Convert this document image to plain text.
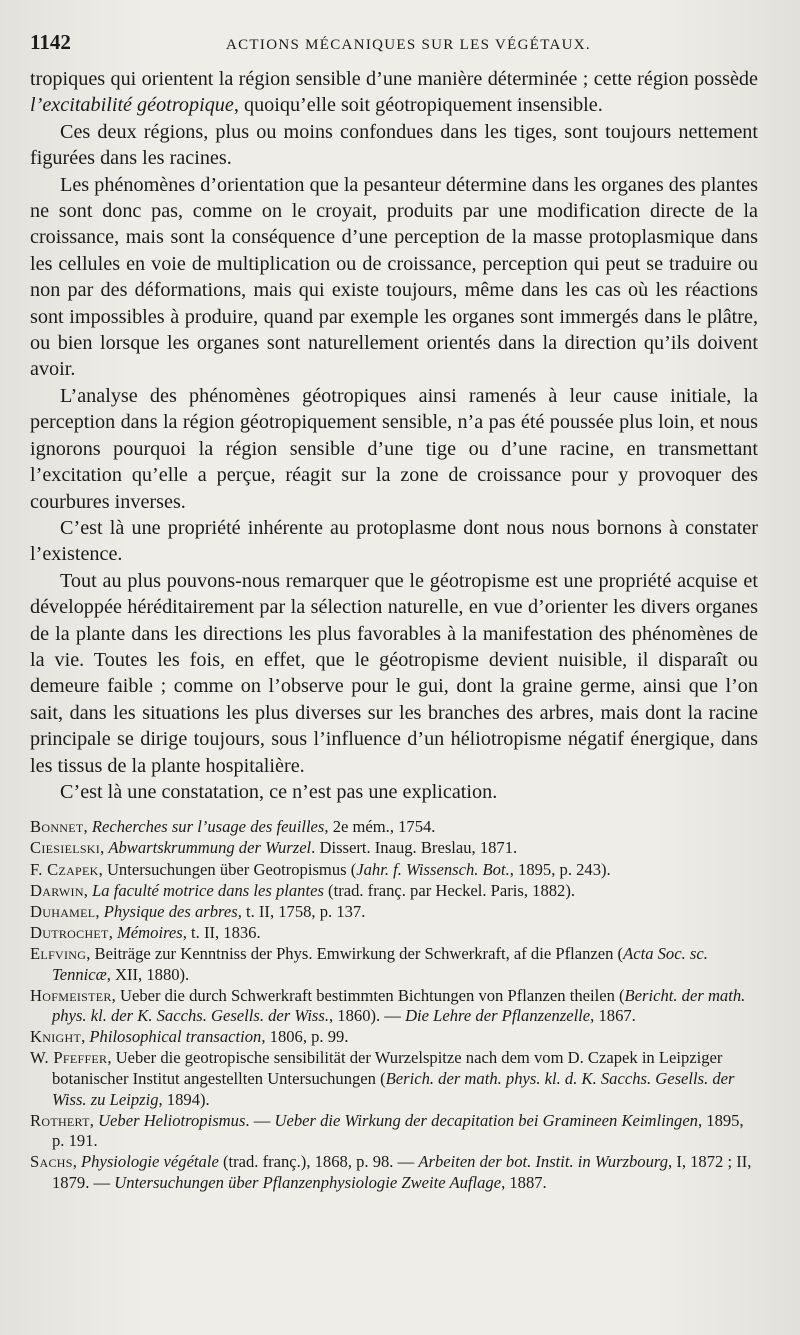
1142	ACTIONS MÉCANIQUES SUR LES VÉGÉTAUX.

tropiques qui orientent la région sensible d’une manière déterminée ; cette région possède l’excitabilité géotropique, quoiqu’elle soit géotropiquement insensible.

Ces deux régions, plus ou moins confondues dans les tiges, sont toujours nettement figurées dans les racines.

Les phénomènes d’orientation que la pesanteur détermine dans les organes des plantes ne sont donc pas, comme on le croyait, produits par une modification directe de la croissance, mais sont la conséquence d’une perception de la masse protoplasmique dans les cellules en voie de multiplication ou de croissance, perception qui peut se traduire ou non par des déformations, mais qui existe toujours, même dans les cas où les réactions sont impossibles à produire, quand par exemple les organes sont immergés dans le plâtre, ou bien lorsque les organes sont naturellement orientés dans la direction qu’ils doivent avoir.

L’analyse des phénomènes géotropiques ainsi ramenés à leur cause initiale, la perception dans la région géotropiquement sensible, n’a pas été poussée plus loin, et nous ignorons pourquoi la région sensible d’une tige ou d’une racine, en transmettant l’excitation qu’elle a perçue, réagit sur la zone de croissance pour y provoquer des courbures inverses.

C’est là une propriété inhérente au protoplasme dont nous nous bornons à constater l’existence.

Tout au plus pouvons-nous remarquer que le géotropisme est une propriété acquise et développée héréditairement par la sélection naturelle, en vue d’orienter les divers organes de la plante dans les directions les plus favorables à la manifestation des phénomènes de la vie. Toutes les fois, en effet, que le géotropisme devient nuisible, il disparaît ou demeure faible ; comme on l’observe pour le gui, dont la graine germe, ainsi que l’on sait, dans les situations les plus diverses sur les branches des arbres, mais dont la racine principale se dirige toujours, sous l’influence d’un héliotropisme négatif énergique, dans les tissus de la plante hospitalière.

C’est là une constatation, ce n’est pas une explication.

Bonnet, Recherches sur l’usage des feuilles, 2e mém., 1754.

Ciesielski, Abwartskrummung der Wurzel. Dissert. Inaug. Breslau, 1871.

F. Czapek, Untersuchungen über Geotropismus (Jahr. f. Wissensch. Bot., 1895, p. 243).

Darwin, La faculté motrice dans les plantes (trad. franç. par Heckel. Paris, 1882).

Duhamel, Physique des arbres, t. II, 1758, p. 137.

Dutrochet, Mémoires, t. II, 1836.

Elfving, Beiträge zur Kenntniss der Phys. Emwirkung der Schwerkraft, af die Pflanzen (Acta Soc. sc. Tennicæ, XII, 1880).

Hofmeister, Ueber die durch Schwerkraft bestimmten Bichtungen von Pflanzen theilen (Bericht. der math. phys. kl. der K. Sacchs. Gesells. der Wiss., 1860). — Die Lehre der Pflanzenzelle, 1867.

Knight, Philosophical transaction, 1806, p. 99.

W. Pfeffer, Ueber die geotropische sensibilität der Wurzelspitze nach dem vom D. Czapek in Leipziger botanischer Institut angestellten Untersuchungen (Berich. der math. phys. kl. d. K. Sacchs. Gesells. der Wiss. zu Leipzig, 1894).

Rothert, Ueber Heliotropismus. — Ueber die Wirkung der decapitation bei Gramineen Keimlingen, 1895, p. 191.

Sachs, Physiologie végétale (trad. franç.), 1868, p. 98. — Arbeiten der bot. Instit. in Wurzbourg, I, 1872 ; II, 1879. — Untersuchungen über Pflanzenphysiologie Zweite Auflage, 1887.
